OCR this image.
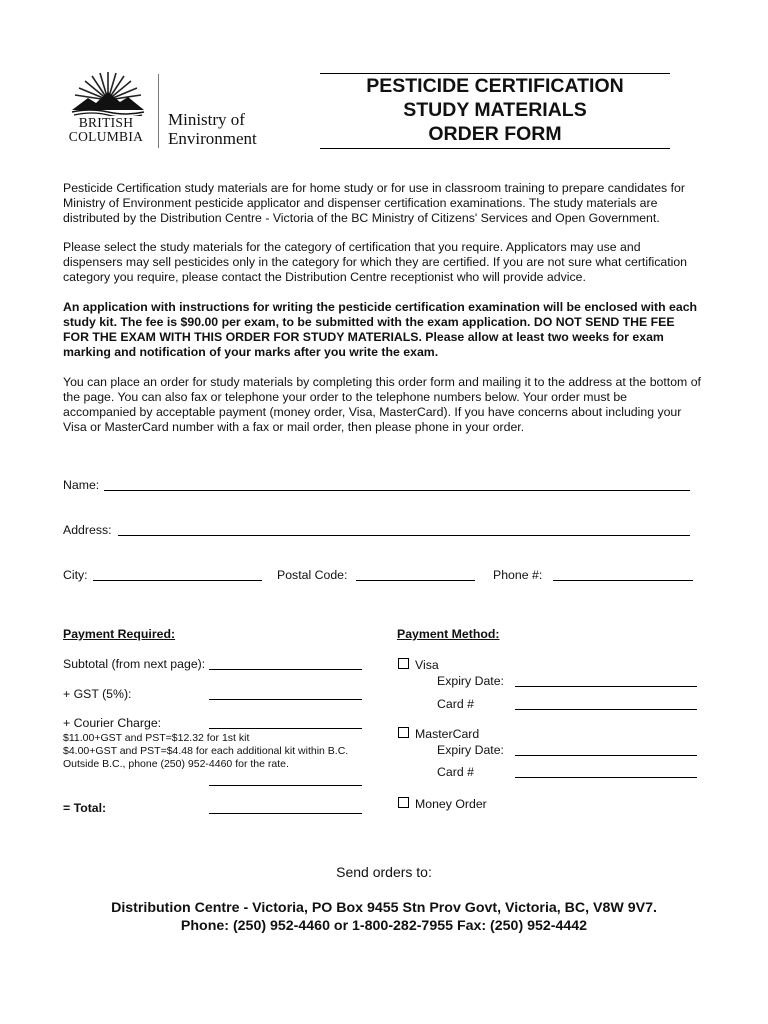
BRITISH
COLUMBIA
Ministry of
Environment
PESTICIDE CERTIFICATION
STUDY MATERIALS
ORDER FORM
Pesticide Certification study materials are for home study or for use in classroom training to prepare candidates for Ministry of Environment pesticide applicator and dispenser certification examinations. The study materials are distributed by the Distribution Centre - Victoria of the BC Ministry of Citizens' Services and Open Government.
Please select the study materials for the category of certification that you require. Applicators may use and dispensers may sell pesticides only in the category for which they are certified. If you are not sure what certification category you require, please contact the Distribution Centre receptionist who will provide advice.
An application with instructions for writing the pesticide certification examination will be enclosed with each study kit. The fee is $90.00 per exam, to be submitted with the exam application. DO NOT SEND THE FEE FOR THE EXAM WITH THIS ORDER FOR STUDY MATERIALS. Please allow at least two weeks for exam marking and notification of your marks after you write the exam.
You can place an order for study materials by completing this order form and mailing it to the address at the bottom of the page. You can also fax or telephone your order to the telephone numbers below. Your order must be accompanied by acceptable payment (money order, Visa, MasterCard). If you have concerns about including your Visa or MasterCard number with a fax or mail order, then please phone in your order.
Name:
Address:
City:	Postal Code:	Phone #:
Payment Required:
Subtotal (from next page):
+ GST (5%):
+ Courier Charge:
$11.00+GST and PST=$12.32 for 1st kit
$4.00+GST and PST=$4.48 for each additional kit within B.C.
Outside B.C., phone (250) 952-4460 for the rate.
= Total:
Payment Method:
Visa
Expiry Date:
Card #
MasterCard
Expiry Date:
Card #
Money Order
Send orders to:
Distribution Centre - Victoria, PO Box 9455 Stn Prov Govt, Victoria, BC, V8W 9V7.
Phone: (250) 952-4460 or 1-800-282-7955 Fax: (250) 952-4442
